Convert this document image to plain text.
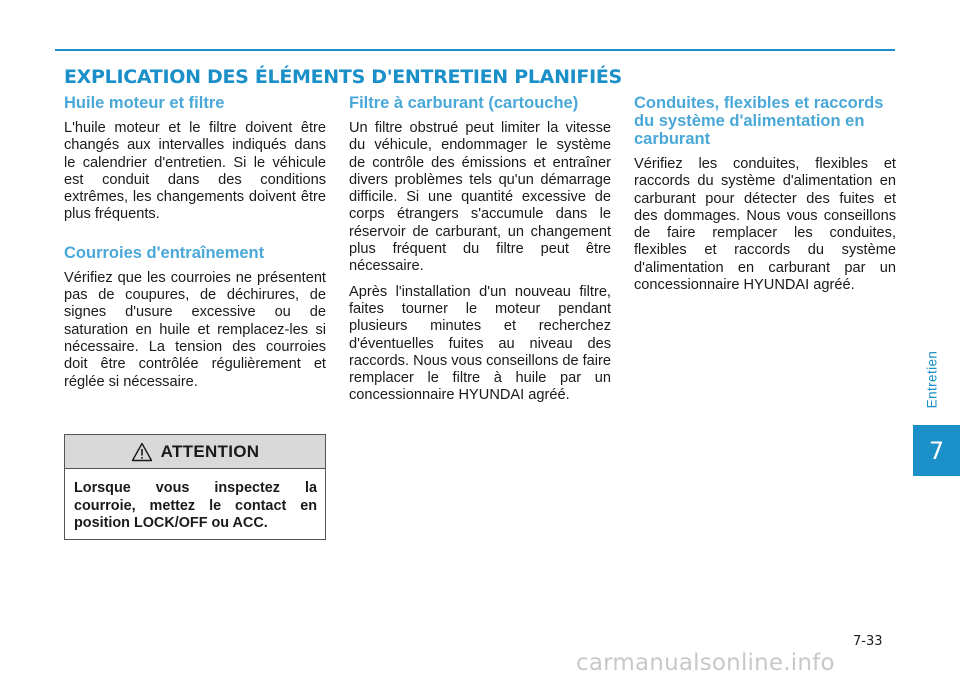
EXPLICATION DES ÉLÉMENTS D'ENTRETIEN PLANIFIÉS
Huile moteur et filtre

L'huile moteur et le filtre doivent être changés aux intervalles indiqués dans le calendrier d'entretien. Si le véhicule est conduit dans des conditions extrêmes, les changements doivent être plus fréquents.

Courroies d'entraînement

Vérifiez que les courroies ne présentent pas de coupures, de déchirures, de signes d'usure excessive ou de saturation en huile et remplacez-les si nécessaire. La tension des courroies doit être contrôlée régulièrement et réglée si nécessaire.

ATTENTION

Lorsque vous inspectez la courroie, mettez le contact en position LOCK/OFF ou ACC.

Filtre à carburant (cartouche)

Un filtre obstrué peut limiter la vitesse du véhicule, endommager le système de contrôle des émissions et entraîner divers problèmes tels qu'un démarrage difficile. Si une quantité excessive de corps étrangers s'accumule dans le réservoir de carburant, un changement plus fréquent du filtre peut être nécessaire.

Après l'installation d'un nouveau filtre, faites tourner le moteur pendant plusieurs minutes et recherchez d'éventuelles fuites au niveau des raccords. Nous vous conseillons de faire remplacer le filtre à huile par un concessionnaire HYUNDAI agréé.

Conduites, flexibles et raccords du système d'alimentation en carburant

Vérifiez les conduites, flexibles et raccords du système d'alimentation en carburant pour détecter des fuites et des dommages. Nous vous conseillons de faire remplacer les conduites, flexibles et raccords du système d'alimentation en carburant par un concessionnaire HYUNDAI agréé.

Entretien
7
7-33
carmanualsonline.info
